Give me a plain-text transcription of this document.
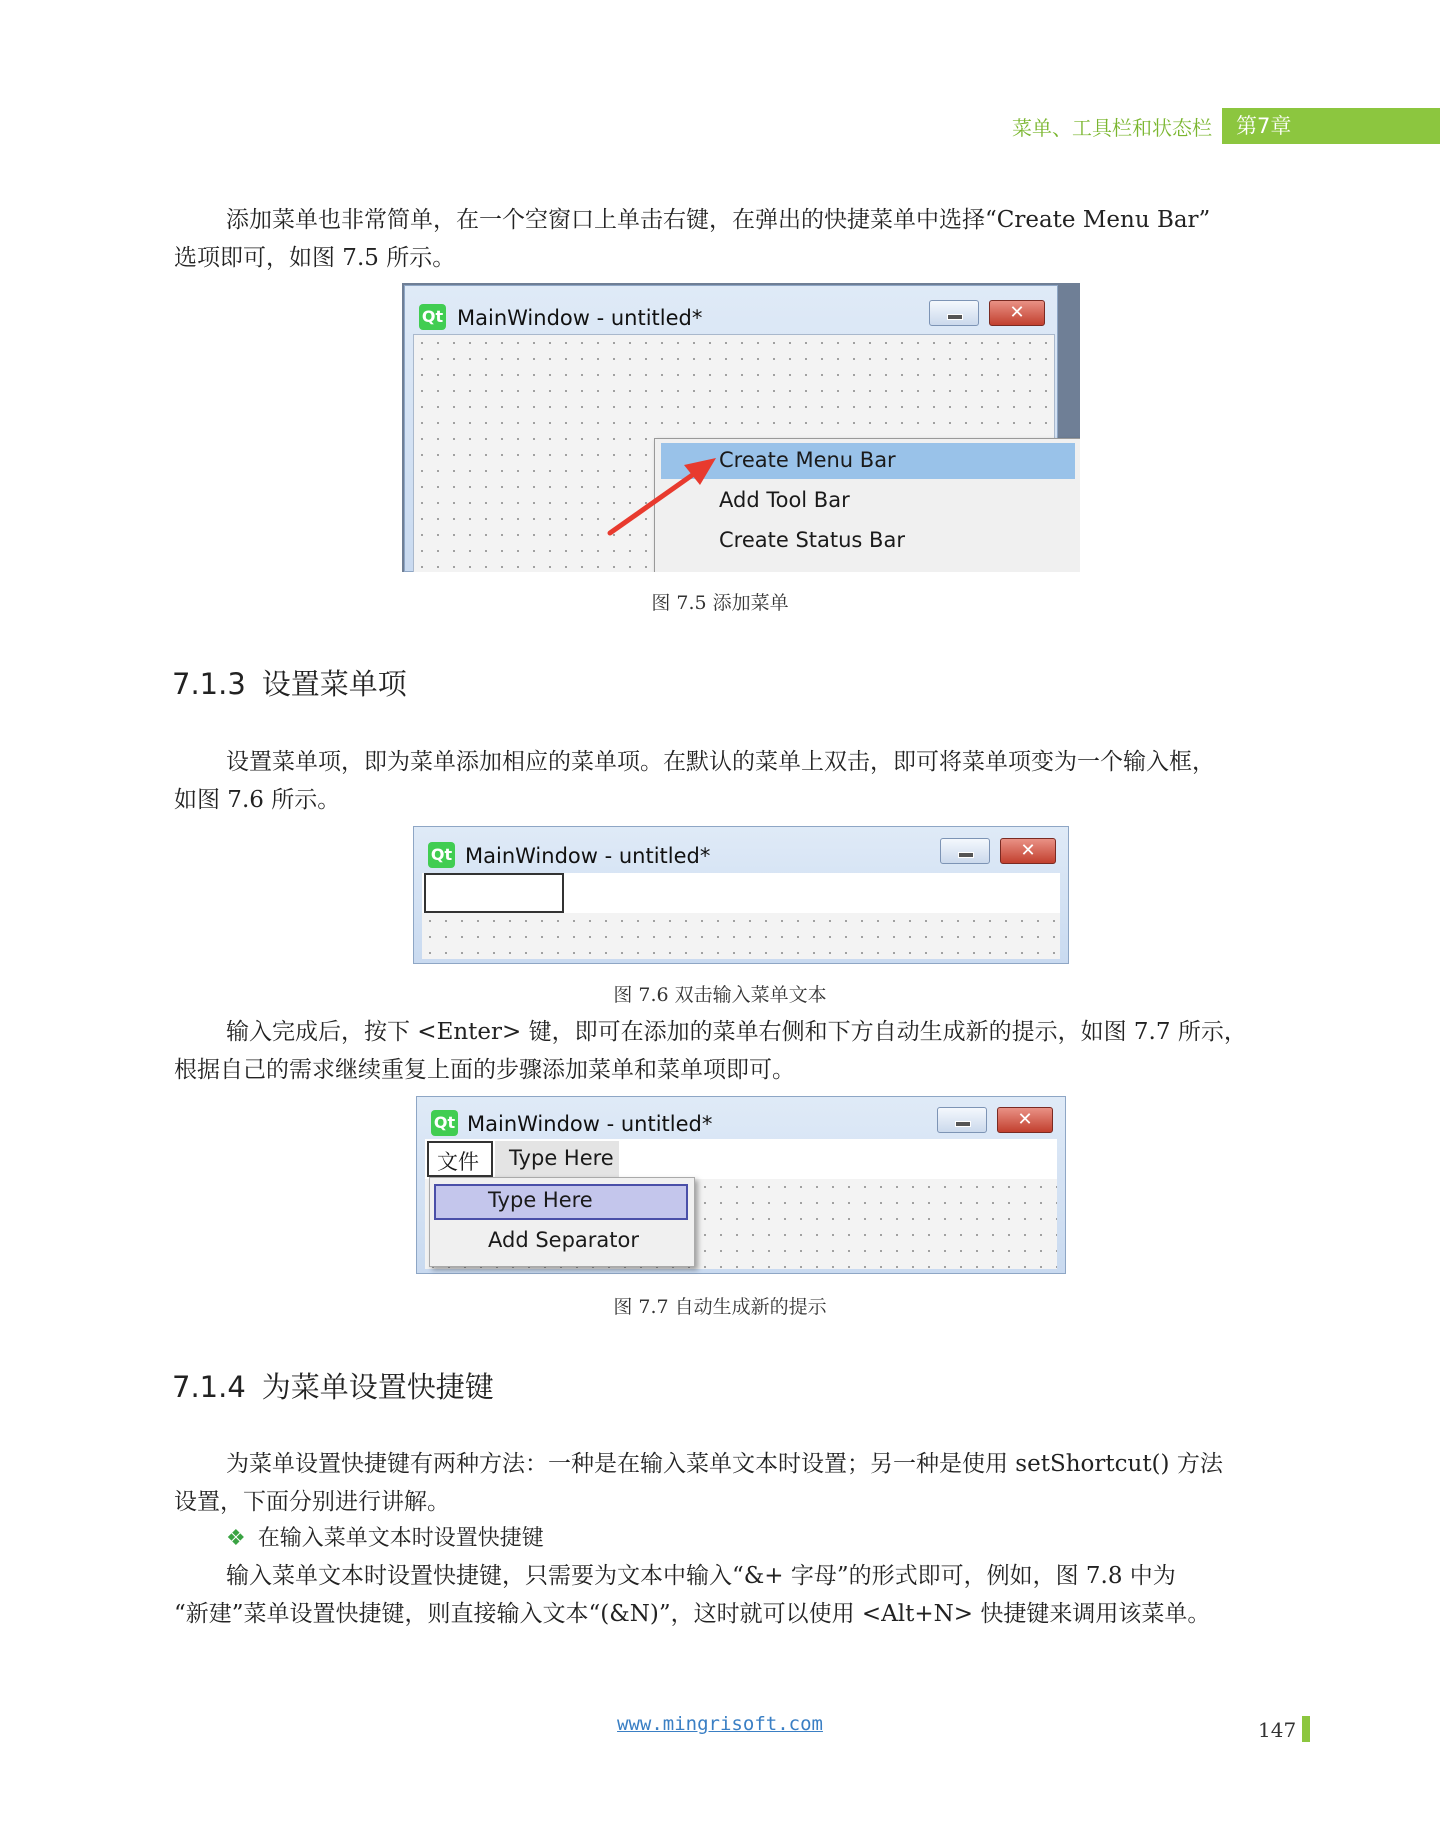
菜单、工具栏和状态栏	第7章
添加菜单也非常简单，在一个空窗口上单击右键，在弹出的快捷菜单中选择“Create Menu Bar”
选项即可，如图 7.5 所示。
Qt MainWindow - untitled*	✕
Create Menu Bar
Add Tool Bar
Create Status Bar
图 7.5 添加菜单
7.1.3 设置菜单项
设置菜单项，即为菜单添加相应的菜单项。在默认的菜单上双击，即可将菜单项变为一个输入框，
如图 7.6 所示。
Qt MainWindow - untitled*	✕
图 7.6 双击输入菜单文本
输入完成后，按下 <Enter> 键，即可在添加的菜单右侧和下方自动生成新的提示，如图 7.7 所示，
根据自己的需求继续重复上面的步骤添加菜单和菜单项即可。
Qt MainWindow - untitled*	✕
文件 Type Here
Type Here
Add Separator
图 7.7 自动生成新的提示
7.1.4 为菜单设置快捷键
为菜单设置快捷键有两种方法：一种是在输入菜单文本时设置；另一种是使用 setShortcut() 方法
设置，下面分别进行讲解。
❖ 在输入菜单文本时设置快捷键
输入菜单文本时设置快捷键，只需要为文本中输入“&+ 字母”的形式即可，例如，图 7.8 中为
“新建”菜单设置快捷键，则直接输入文本“(&N)”，这时就可以使用 <Alt+N> 快捷键来调用该菜单。
www.mingrisoft.com	147
